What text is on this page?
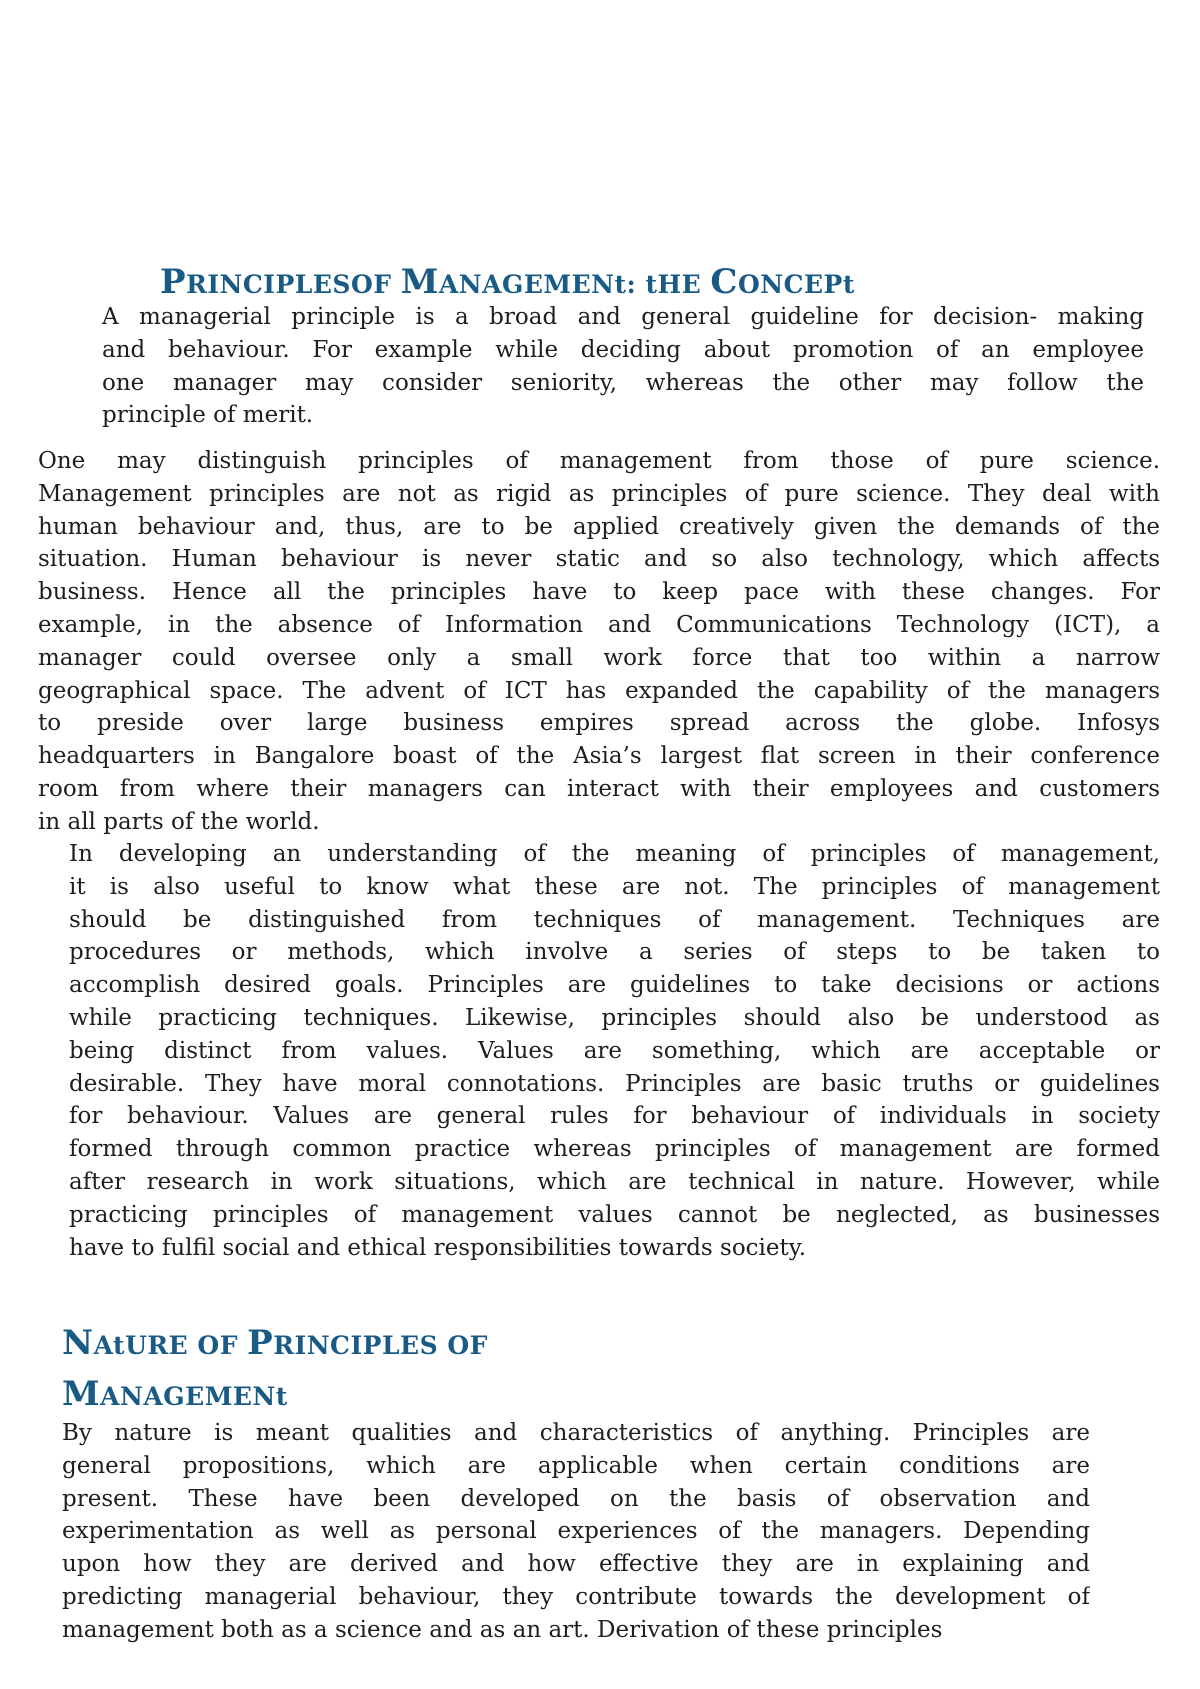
PRINCIPLESOF MANAGEMENt: tHE CONCEPt
A managerial principle is a broad and general guideline for decision- making
and behaviour. For example while deciding about promotion of an employee
one manager may consider seniority, whereas the other may follow the
principle of merit.
One may distinguish principles of management from those of pure science.
Management principles are not as rigid as principles of pure science. They deal with
human behaviour and, thus, are to be applied creatively given the demands of the
situation. Human behaviour is never static and so also technology, which affects
business. Hence all the principles have to keep pace with these changes. For
example, in the absence of Information and Communications Technology (ICT), a
manager could oversee only a small work force that too within a narrow
geographical space. The advent of ICT has expanded the capability of the managers
to preside over large business empires spread across the globe. Infosys
headquarters in Bangalore boast of the Asia’s largest flat screen in their conference
room from where their managers can interact with their employees and customers
in all parts of the world.
In developing an understanding of the meaning of principles of management,
it is also useful to know what these are not. The principles of management
should be distinguished from techniques of management. Techniques are
procedures or methods, which involve a series of steps to be taken to
accomplish desired goals. Principles are guidelines to take decisions or actions
while practicing techniques. Likewise, principles should also be understood as
being distinct from values. Values are something, which are acceptable or
desirable. They have moral connotations. Principles are basic truths or guidelines
for behaviour. Values are general rules for behaviour of individuals in society
formed through common practice whereas principles of management are formed
after research in work situations, which are technical in nature. However, while
practicing principles of management values cannot be neglected, as businesses
have to fulfil social and ethical responsibilities towards society.
NAtURE OF PRINCIPLES OF
MANAGEMENt
By nature is meant qualities and characteristics of anything. Principles are
general propositions, which are applicable when certain conditions are
present. These have been developed on the basis of observation and
experimentation as well as personal experiences of the managers. Depending
upon how they are derived and how effective they are in explaining and
predicting managerial behaviour, they contribute towards the development of
management both as a science and as an art. Derivation of these principles
